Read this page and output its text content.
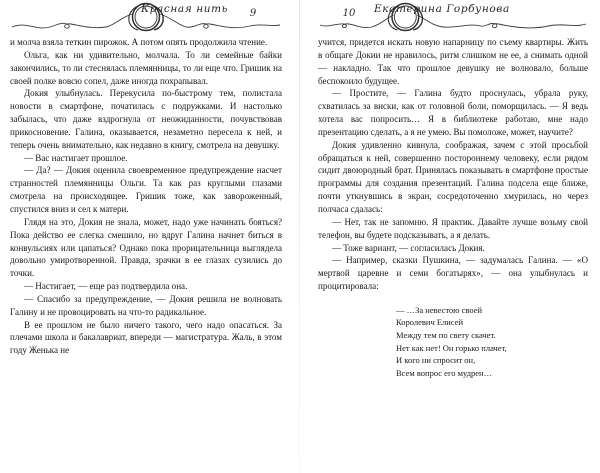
Красная нить	9

и молча взяла теткин пирожок. А потом опять продолжила чтение.

Ольга, как ни удивительно, молчала. То ли семейные байки закончились, то ли стеснялась племянницы, то ли еще что. Гришик на своей полке вовсю сопел, даже иногда похрапывал.

Докия улыбнулась. Перекусила по-быстрому тем, полистала новости в смартфоне, початилась с подружками. И настолько забылась, что даже вздрогнула от неожиданности, почувствовав прикосновение. Галина, оказывается, незаметно пересела к ней, и теперь очень внимательно, как недавно в книгу, смотрела на девушку.

— Вас настигает прошлое.

— Да? — Докия оценила своевременное предупреждение насчет странностей племянницы Ольги. Та как раз круглыми глазами смотрела на происходящее. Гришик тоже, как завороженный, спустился вниз и сел к матери.

Глядя на это, Докия не знала, может, надо уже начинать бояться? Пока действо ее слегка смешило, но вдруг Галина начнет биться в конвульсиях или цапаться? Однако пока прорицательница выглядела довольно умиротворенной. Правда, зрачки в ее глазах сузились до точки.

— Настигает, — еще раз подтвердила она.

— Спасибо за предупреждение, — Докия решила не волновать Галину и не провоцировать на что-то радикальное.

В ее прошлом не было ничего такого, чего надо опасаться. За плечами школа и бакалавриат, впереди — магистратура. Жаль, в этом году Женька не

10	Екатерина Горбунова

учится, придется искать новую напарницу по съему квартиры. Жить в общаге Докии не нравилось, ритм слишком не ее, а снимать одной — накладно. Так что прошлое девушку не волновало, больше беспокоило будущее.

— Простите, — Галина будто проснулась, убрала руку, схватилась за виски, как от головной боли, поморщилась. — Я ведь хотела вас попросить… Я в библиотеке работаю, мне надо презентацию сделать, а я не умею. Вы помоложе, может, научите?

Докия удивленно кивнула, соображая, зачем с этой просьбой обращаться к ней, совершенно постороннему человеку, если рядом сидит двоюродный брат. Принялась показывать в смартфоне простые программы для создания презентаций. Галина подселa еще ближе, почти уткнувшись в экран, сосредоточенно хмурилась, но через полчаса сдалась:

— Нет, так не запомню. Я практик. Давайте лучше возьму свой телефон, вы будете подсказывать, а я делать.

— Тоже вариант, — согласилась Докия.

— Например, сказки Пушкина, — задумалась Галина. — «О мертвой царевне и семи богатырях», — она улыбнулась и процитировала:

— …За невестою своей
Королевич Елисей
Между тем по свету скачет.
Нет как нет! Он горько плачет,
И кого ни спросит он,
Всем вопрос его мудрен…
